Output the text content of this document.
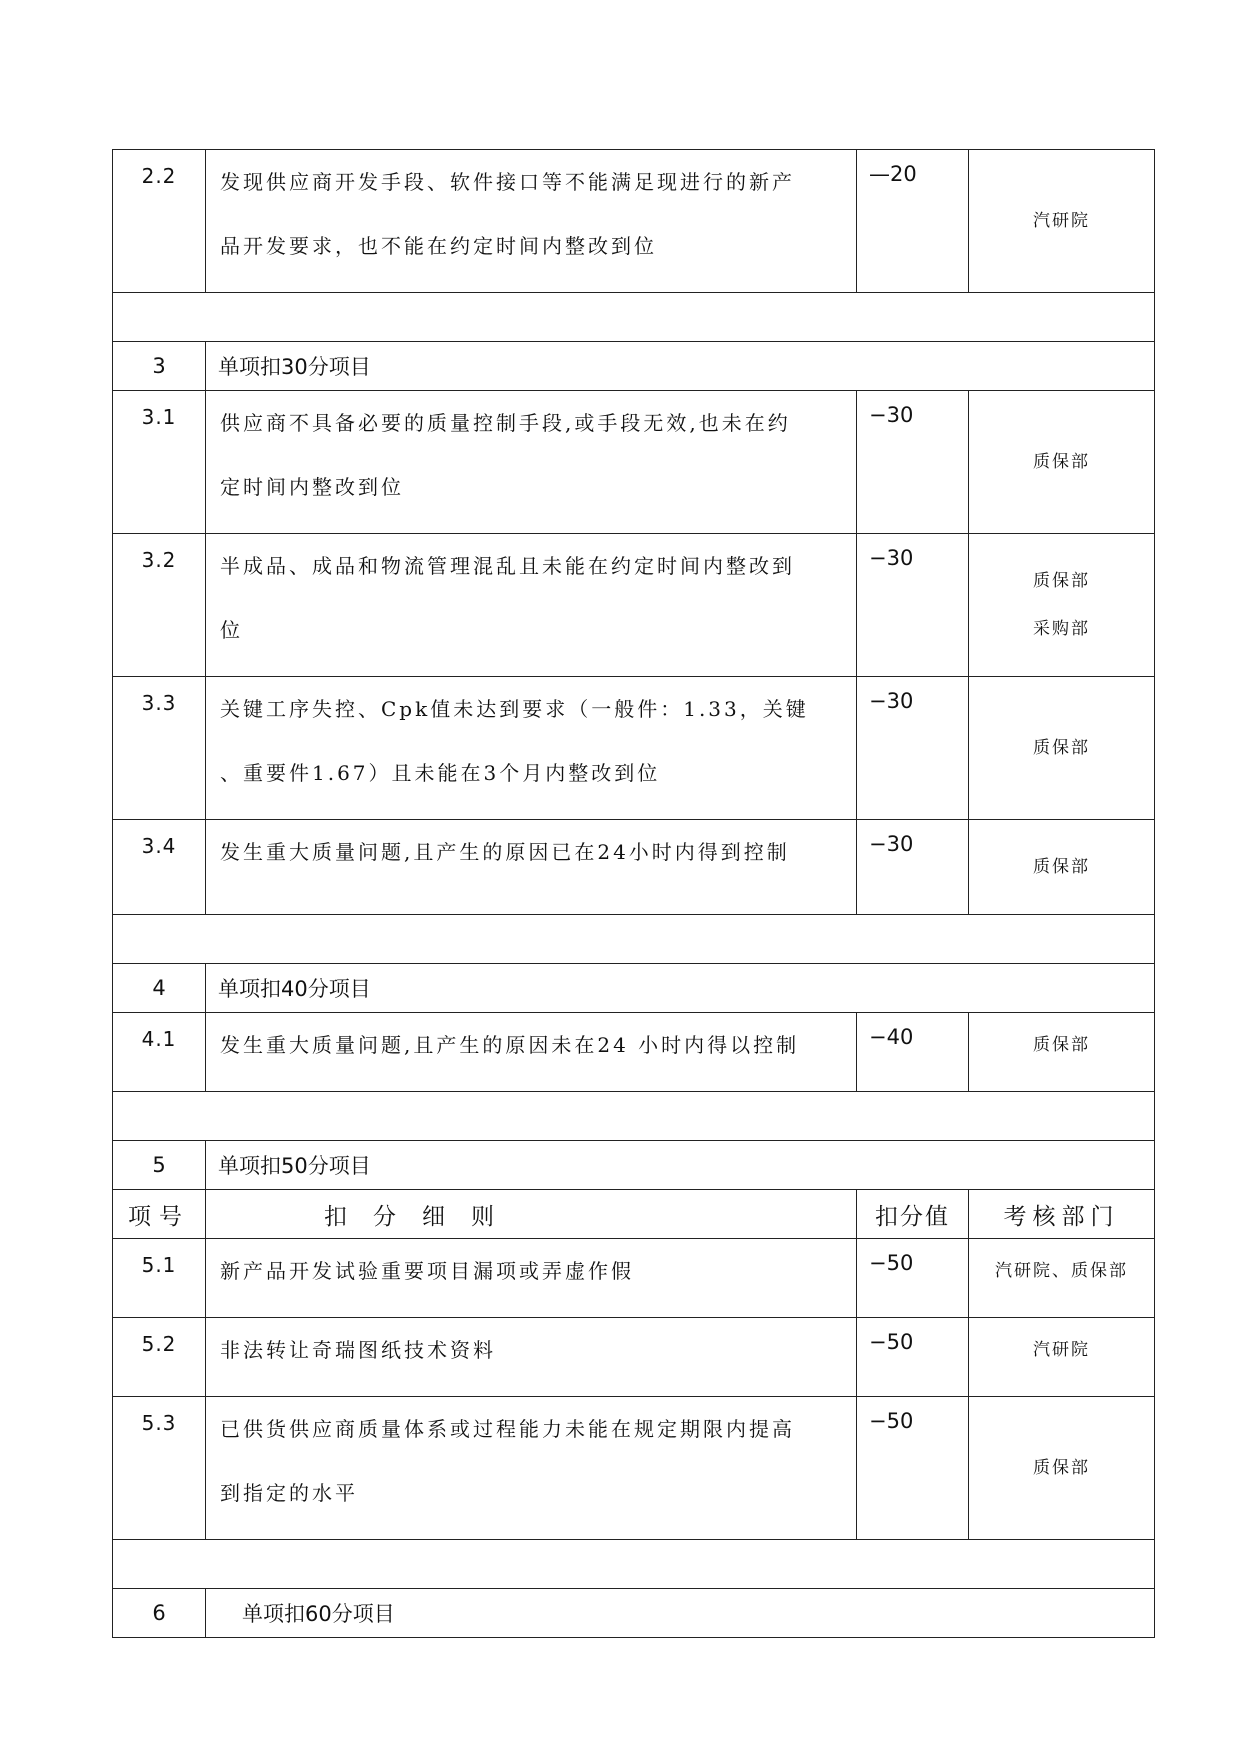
2.2	发现供应商开发手段、软件接口等不能满足现进行的新产
品开发要求，也不能在约定时间内整改到位	—20	汽研院

3	单项扣30分项目		
3.1	供应商不具备必要的质量控制手段,或手段无效,也未在约
定时间内整改到位	−30	质保部
3.2	半成品、成品和物流管理混乱且未能在约定时间内整改到
位	−30	质保部
采购部
3.3	关键工序失控、Cpk值未达到要求（一般件：1.33，关键
、重要件1.67）且未能在3个月内整改到位	−30	质保部
3.4	发生重大质量问题,且产生的原因已在24小时内得到控制	−30	质保部

4	单项扣40分项目		
4.1	发生重大质量问题,且产生的原因未在24 小时内得以控制	−40	质保部

5	单项扣50分项目		
项号	扣分细则	扣分值	考核部门
5.1	新产品开发试验重要项目漏项或弄虚作假	−50	汽研院、质保部
5.2	非法转让奇瑞图纸技术资料	−50	汽研院
5.3	已供货供应商质量体系或过程能力未能在规定期限内提高
到指定的水平	−50	质保部

6	单项扣60分项目		
